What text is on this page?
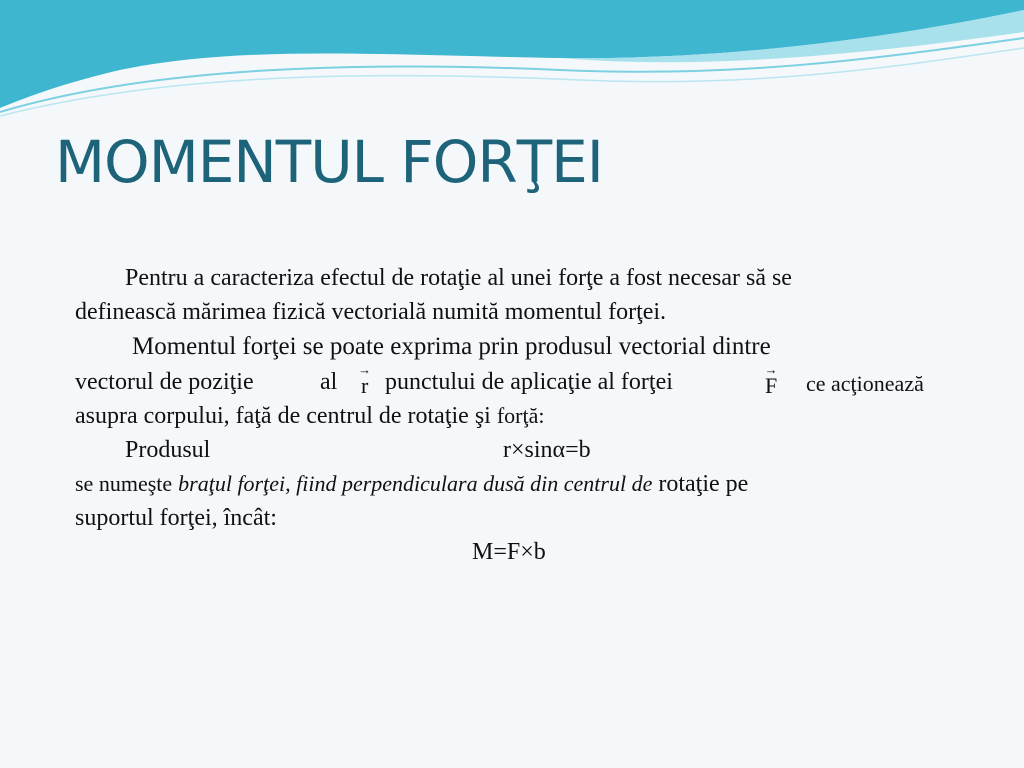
MOMENTUL FORŢEI
Pentru a caracteriza efectul de rotaţie al unei forţe a fost necesar să se
definească mărimea fizică vectorială numită momentul forţei.
Momentul forţei se poate exprima prin produsul vectorial dintre
vectorul de poziţie	al →
r punctului de aplicaţie al forţei	→
F ce acţionează
asupra corpului, faţă de centrul de rotaţie şi forţă:
Produsul	r×sinα=b
se numeşte braţul forţei, fiind perpendiculara dusă din centrul de rotaţie pe
suportul forţei, încât:
M=F×b
